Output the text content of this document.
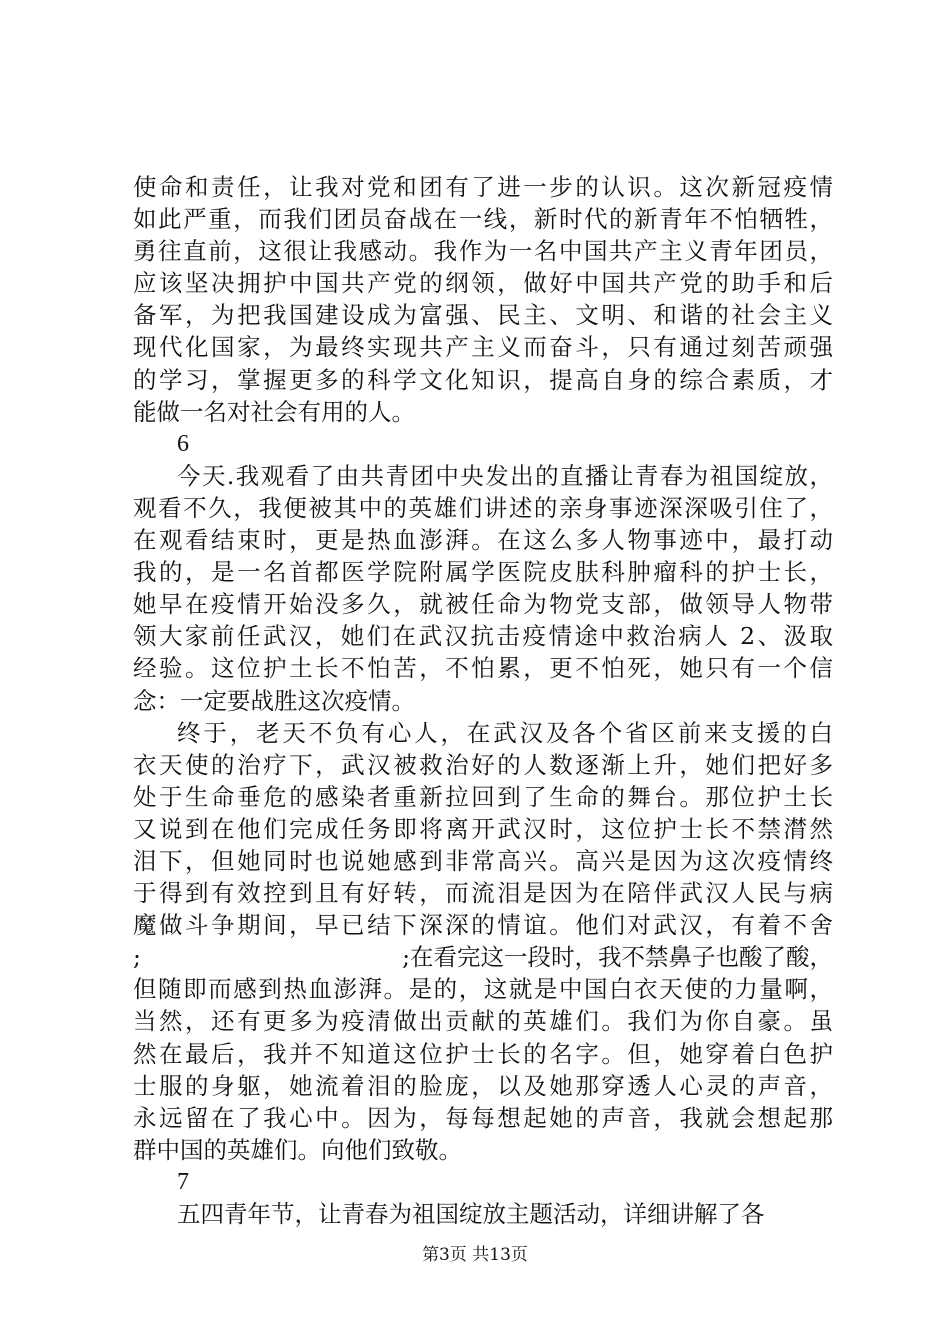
使命和责任，让我对党和团有了进一步的认识。这次新冠疫情
如此严重，而我们团员奋战在一线，新时代的新青年不怕牺牲，
勇往直前，这很让我感动。我作为一名中国共产主义青年团员，
应该坚决拥护中国共产党的纲领，做好中国共产党的助手和后
备军，为把我国建设成为富强、民主、文明、和谐的社会主义
现代化国家，为最终实现共产主义而奋斗，只有通过刻苦顽强
的学习，掌握更多的科学文化知识，提高自身的综合素质，才
能做一名对社会有用的人。
6
今天.我观看了由共青团中央发出的直播让青春为祖国绽放，
观看不久，我便被其中的英雄们讲述的亲身事迹深深吸引住了，
在观看结束时，更是热血澎湃。在这么多人物事迹中，最打动
我的，是一名首都医学院附属学医院皮肤科肿瘤科的护士长，
她早在疫情开始没多久，就被任命为物党支部，做领导人物带
领大家前任武汉，她们在武汉抗击疫情途中救治病人 2、汲取
经验。这位护土长不怕苦，不怕累，更不怕死，她只有一个信
念：一定要战胜这次疫情。
终于，老天不负有心人，在武汉及各个省区前来支援的白
衣天使的治疗下，武汉被救治好的人数逐渐上升，她们把好多
处于生命垂危的感染者重新拉回到了生命的舞台。那位护土长
又说到在他们完成任务即将离开武汉时，这位护士长不禁潸然
泪下，但她同时也说她感到非常高兴。高兴是因为这次疫情终
于得到有效控到且有好转，而流泪是因为在陪伴武汉人民与病
魔做斗争期间，早已结下深深的情谊。他们对武汉，有着不舍
;	;在看完这一段时，我不禁鼻子也酸了酸，
但随即而感到热血澎湃。是的，这就是中国白衣天使的力量啊，
当然，还有更多为疫清做出贡献的英雄们。我们为你自豪。虽
然在最后，我并不知道这位护士长的名字。但，她穿着白色护
士服的身躯，她流着泪的脸庞，以及她那穿透人心灵的声音，
永远留在了我心中。因为，每每想起她的声音，我就会想起那
群中国的英雄们。向他们致敬。
7
五四青年节，让青春为祖国绽放主题活动，详细讲解了各
第3页 共13页
